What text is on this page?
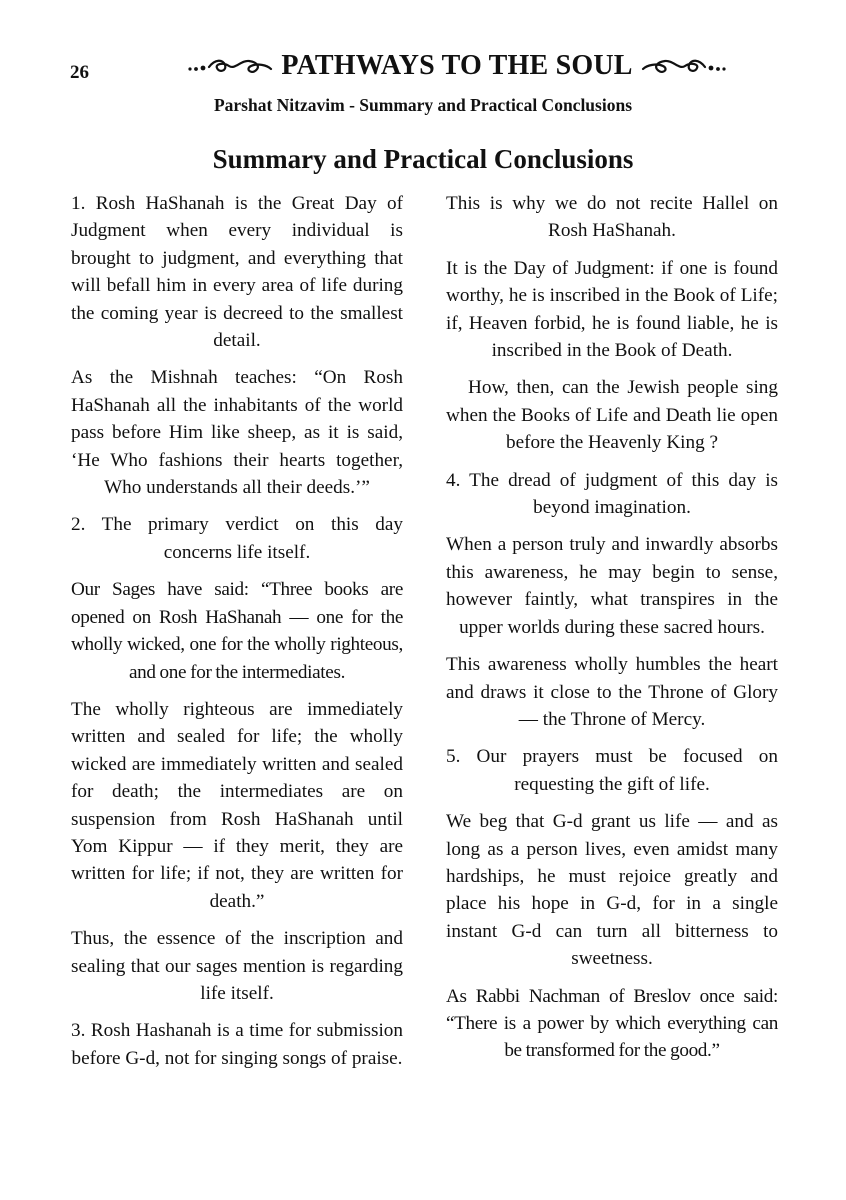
26	PATHWAYS TO THE SOUL
Parshat Nitzavim - Summary and Practical Conclusions
Summary and Practical Conclusions

1. Rosh HaShanah is the Great Day of Judgment when every individual is brought to judgment, and everything that will befall him in every area of life during the coming year is decreed to the smallest detail.

As the Mishnah teaches: “On Rosh HaShanah all the inhabitants of the world pass before Him like sheep, as it is said, ‘He Who fashions their hearts together, Who understands all their deeds.’”

2. The primary verdict on this day concerns life itself.

Our Sages have said: “Three books are opened on Rosh HaShanah — one for the wholly wicked, one for the wholly righteous, and one for the intermediates.

The wholly righteous are immediately written and sealed for life; the wholly wicked are immediately written and sealed for death; the intermediates are on suspension from Rosh HaShanah until Yom Kippur — if they merit, they are written for life; if not, they are written for death.”

Thus, the essence of the inscription and sealing that our sages mention is regarding life itself.

3. Rosh Hashanah is a time for submission before G-d, not for singing songs of praise.

This is why we do not recite Hallel on Rosh HaShanah.

It is the Day of Judgment: if one is found worthy, he is inscribed in the Book of Life; if, Heaven forbid, he is found liable, he is inscribed in the Book of Death.

How, then, can the Jewish people sing when the Books of Life and Death lie open before the Heavenly King ?

4. The dread of judgment of this day is beyond imagination.

When a person truly and inwardly absorbs this awareness, he may begin to sense, however faintly, what transpires in the upper worlds during these sacred hours.

This awareness wholly humbles the heart and draws it close to the Throne of Glory — the Throne of Mercy.

5. Our prayers must be focused on requesting the gift of life.

We beg that G-d grant us life — and as long as a person lives, even amidst many hardships, he must rejoice greatly and place his hope in G-d, for in a single instant G-d can turn all bitterness to sweetness.

As Rabbi Nachman of Breslov once said: “There is a power by which everything can be transformed for the good.”
